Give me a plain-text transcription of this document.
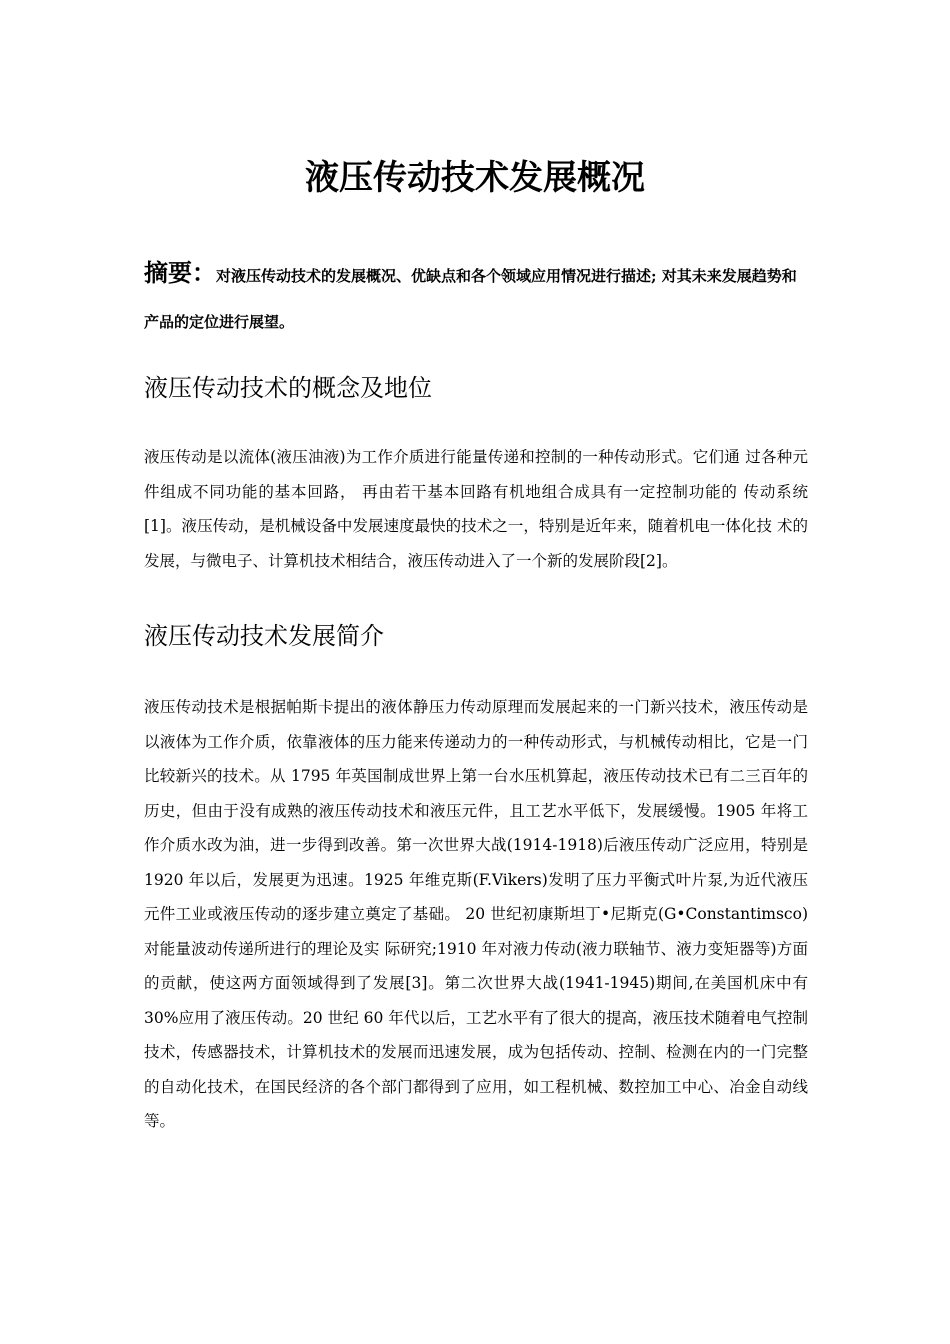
液压传动技术发展概况

摘要：对液压传动技术的发展概况、优缺点和各个领域应用情况进行描述; 对其未来发展趋势和产品的定位进行展望。

液压传动技术的概念及地位

液压传动是以流体(液压油液)为工作介质进行能量传递和控制的一种传动形式。它们通 过各种元件组成不同功能的基本回路， 再由若干基本回路有机地组合成具有一定控制功能的 传动系统[1]。液压传动，是机械设备中发展速度最快的技术之一，特别是近年来，随着机电一体化技 术的发展，与微电子、计算机技术相结合，液压传动进入了一个新的发展阶段[2]。

液压传动技术发展简介

液压传动技术是根据帕斯卡提出的液体静压力传动原理而发展起来的一门新兴技术，液压传动是以液体为工作介质，依靠液体的压力能来传递动力的一种传动形式，与机械传动相比，它是一门比较新兴的技术。从 1795 年英国制成世界上第一台水压机算起，液压传动技术已有二三百年的历史，但由于没有成熟的液压传动技术和液压元件，且工艺水平低下，发展缓慢。1905 年将工作介质水改为油，进一步得到改善。第一次世界大战(1914-1918)后液压传动广泛应用，特别是 1920 年以后，发展更为迅速。1925 年维克斯(F.Vikers)发明了压力平衡式叶片泵,为近代液压元件工业或液压传动的逐步建立奠定了基础。 20 世纪初康斯坦丁•尼斯克(G•Constantimsco)对能量波动传递所进行的理论及实 际研究;1910 年对液力传动(液力联轴节、液力变矩器等)方面的贡献，使这两方面领域得到了发展[3]。第二次世界大战(1941-1945)期间,在美国机床中有 30%应用了液压传动。20 世纪 60 年代以后，工艺水平有了很大的提高，液压技术随着电气控制技术，传感器技术，计算机技术的发展而迅速发展，成为包括传动、控制、检测在内的一门完整的自动化技术，在国民经济的各个部门都得到了应用，如工程机械、数控加工中心、冶金自动线等。
